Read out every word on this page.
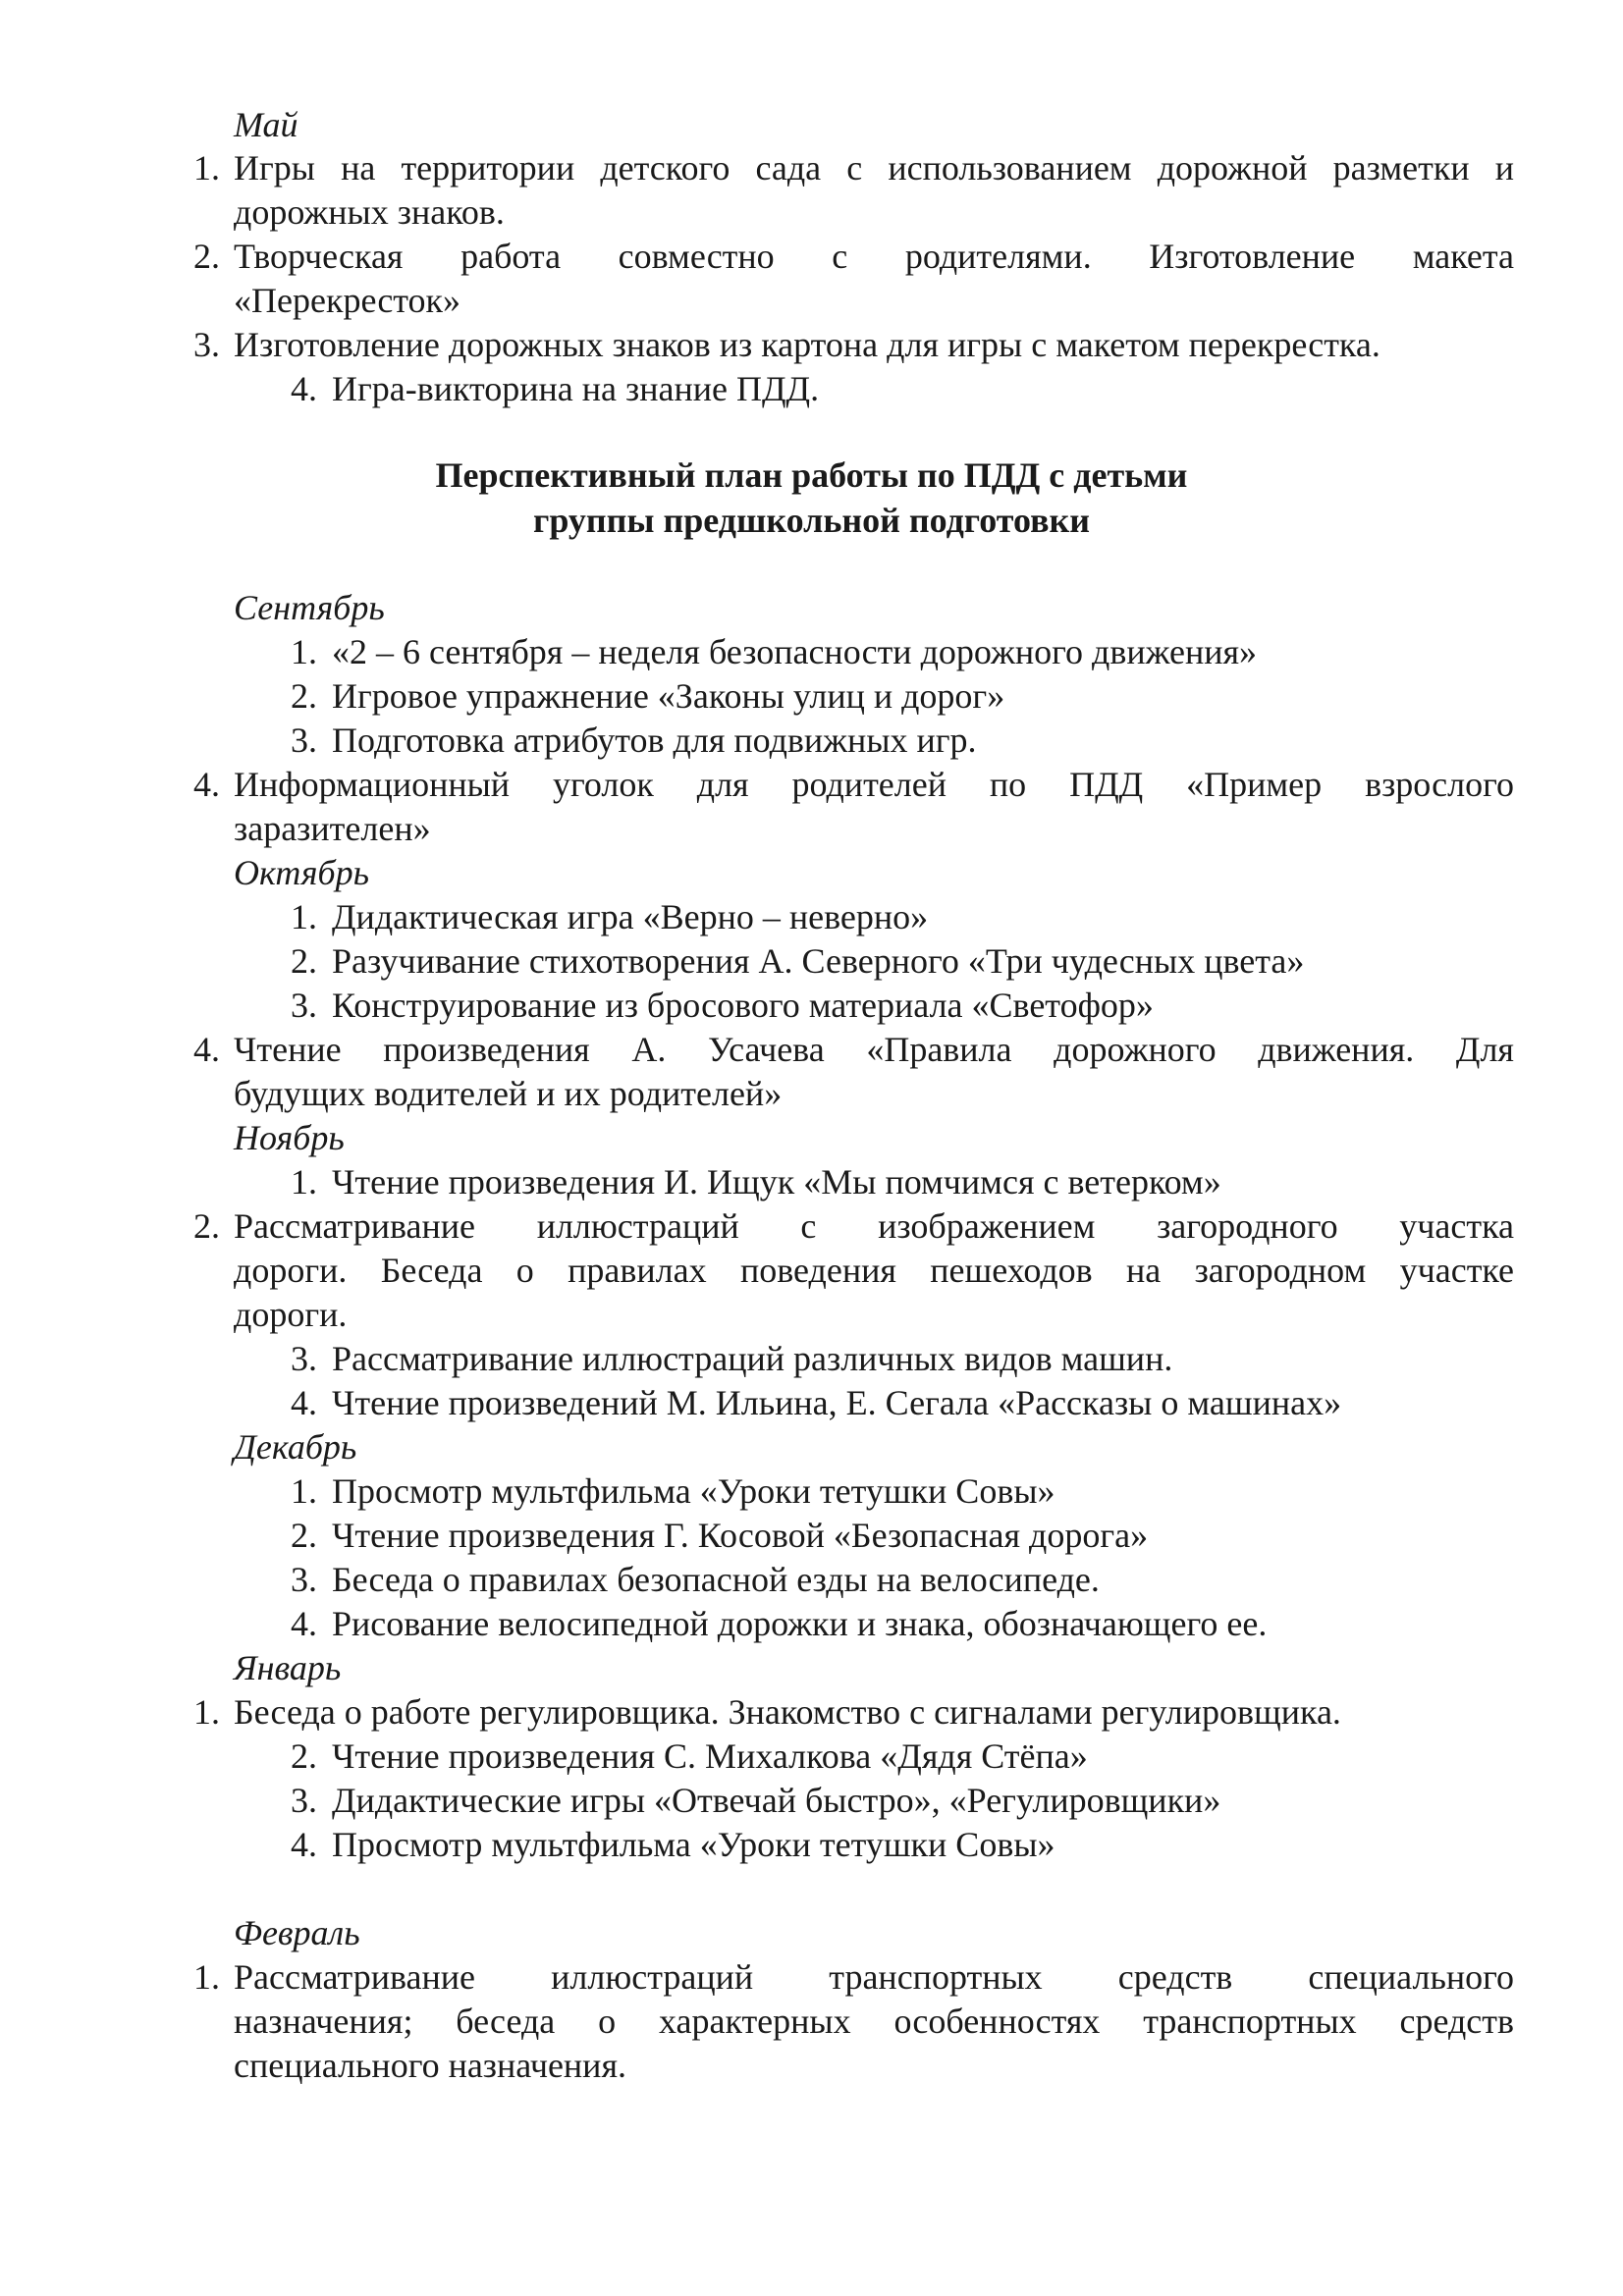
Май
1. Игры на территории детского сада с использованием дорожной разметки и
дорожных знаков.
2. Творческая работа совместно с родителями. Изготовление макета
«Перекресток»
3. Изготовление дорожных знаков из картона для игры с макетом перекрестка.
4. Игра-викторина на знание ПДД.
Перспективный план работы по ПДД с детьми
группы предшкольной подготовки
Сентябрь
1. «2 – 6 сентября – неделя безопасности дорожного движения»
2. Игровое упражнение «Законы улиц и дорог»
3. Подготовка атрибутов для подвижных игр.
4. Информационный уголок для родителей по ПДД «Пример взрослого
заразителен»
Октябрь
1. Дидактическая игра «Верно – неверно»
2. Разучивание стихотворения А. Северного «Три чудесных цвета»
3. Конструирование из бросового материала «Светофор»
4. Чтение произведения А. Усачева «Правила дорожного движения. Для
будущих водителей и их родителей»
Ноябрь
1. Чтение произведения И. Ищук «Мы помчимся с ветерком»
2. Рассматривание иллюстраций с изображением загородного участка
дороги. Беседа о правилах поведения пешеходов на загородном участке
дороги.
3. Рассматривание иллюстраций различных видов машин.
4. Чтение произведений М. Ильина, Е. Сегала «Рассказы о машинах»
Декабрь
1. Просмотр мультфильма «Уроки тетушки Совы»
2. Чтение произведения Г. Косовой «Безопасная дорога»
3. Беседа о правилах безопасной езды на велосипеде.
4. Рисование велосипедной дорожки и знака, обозначающего ее.
Январь
1. Беседа о работе регулировщика. Знакомство с сигналами регулировщика.
2. Чтение произведения С. Михалкова «Дядя Стёпа»
3. Дидактические игры «Отвечай быстро», «Регулировщики»
4. Просмотр мультфильма «Уроки тетушки Совы»
Февраль
1. Рассматривание иллюстраций транспортных средств специального
назначения; беседа о характерных особенностях транспортных средств
специального назначения.
